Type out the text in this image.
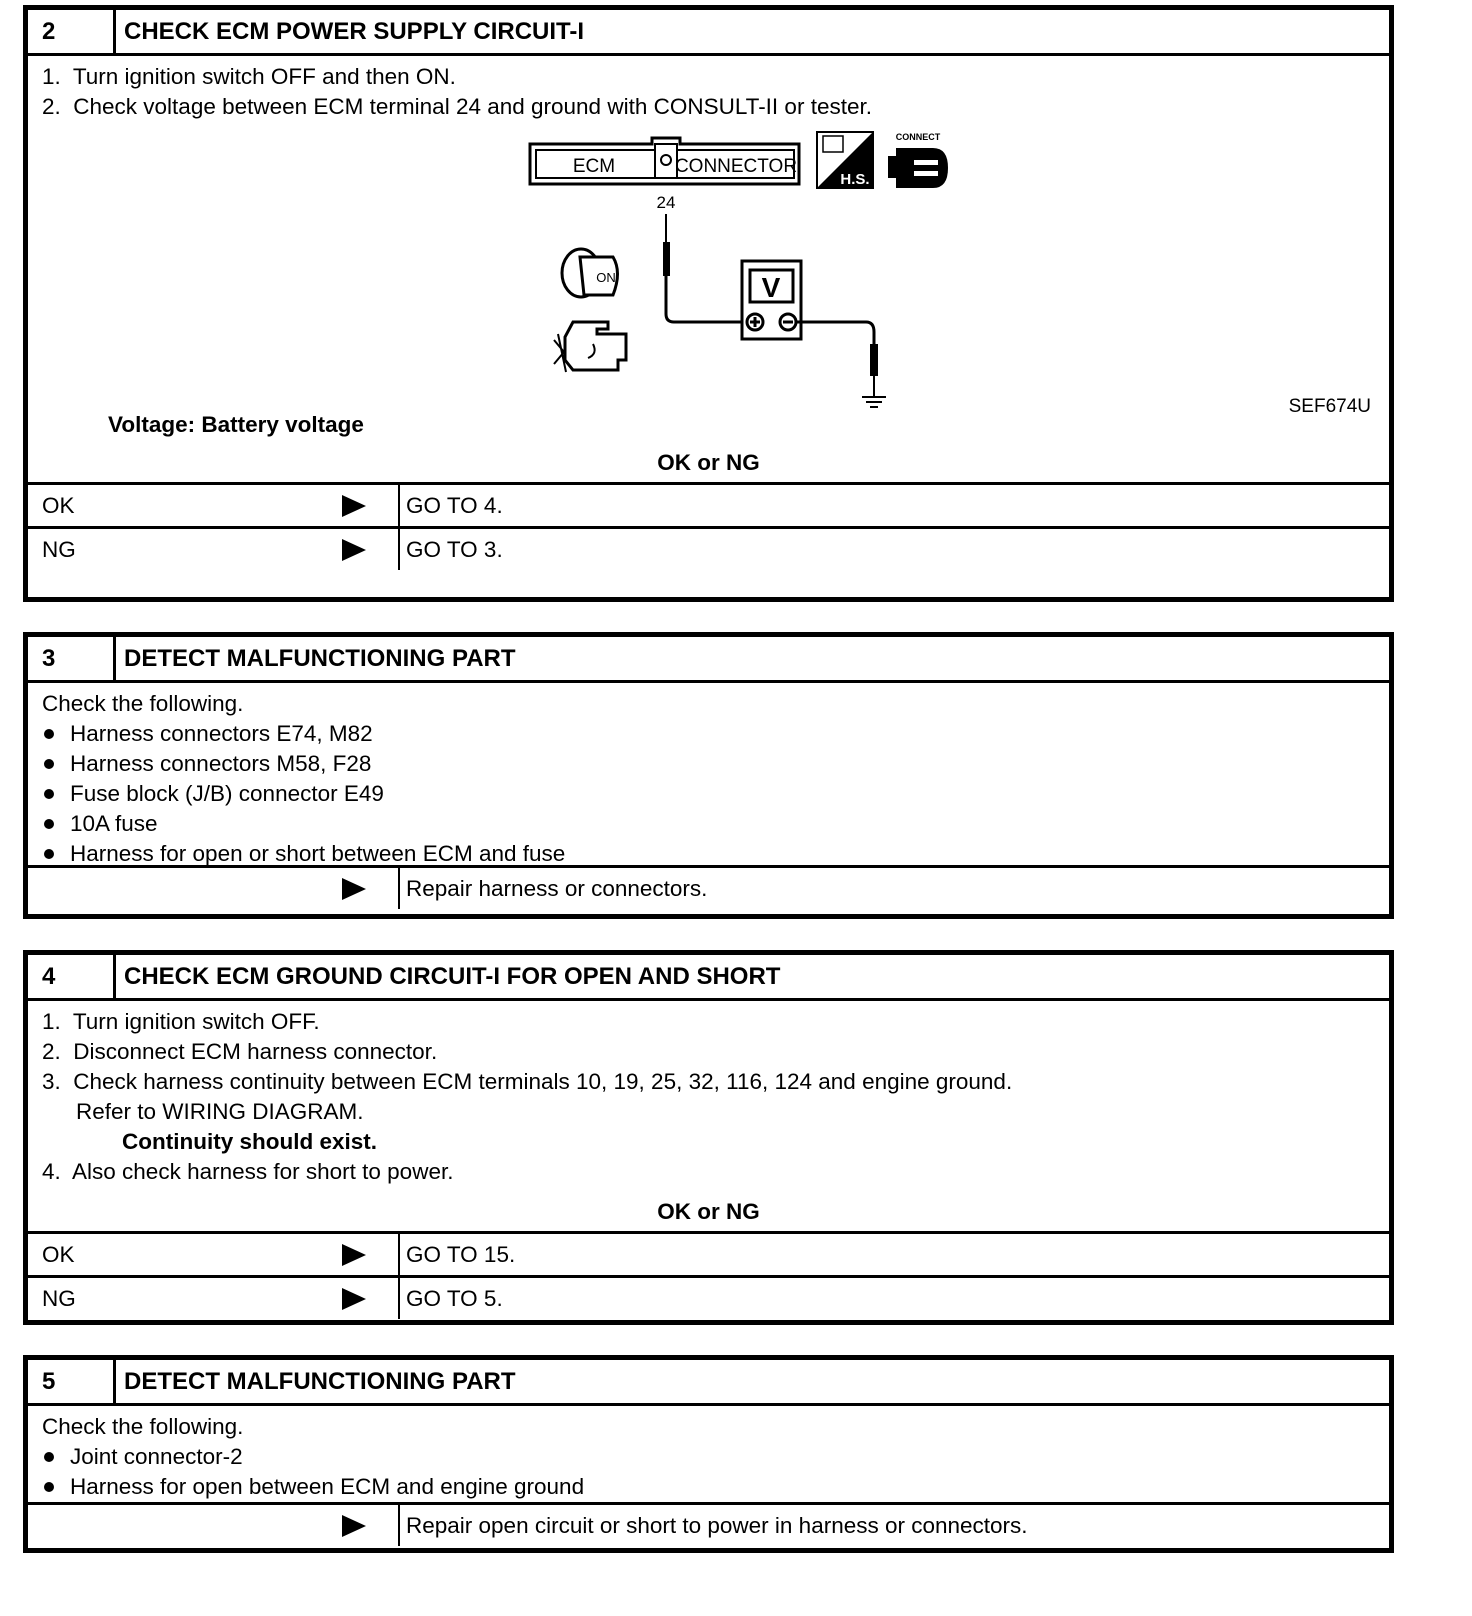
2	CHECK ECM POWER SUPPLY CIRCUIT-I
1.  Turn ignition switch OFF and then ON.
2.  Check voltage between ECM terminal 24 and ground with CONSULT-II or tester.
ECM	CONNECTOR
24
H.S.
CONNECT
ON	V
SEF674U
Voltage: Battery voltage
OK or NG
OK	GO TO 4.
NG	GO TO 3.
3	DETECT MALFUNCTIONING PART
Check the following.
Harness connectors E74, M82
Harness connectors M58, F28
Fuse block (J/B) connector E49
10A fuse
Harness for open or short between ECM and fuse
Repair harness or connectors.
4	CHECK ECM GROUND CIRCUIT-I FOR OPEN AND SHORT
1.  Turn ignition switch OFF.
2.  Disconnect ECM harness connector.
3.  Check harness continuity between ECM terminals 10, 19, 25, 32, 116, 124 and engine ground.
Refer to WIRING DIAGRAM.
Continuity should exist.
4.  Also check harness for short to power.
OK or NG
OK	GO TO 15.
NG	GO TO 5.
5	DETECT MALFUNCTIONING PART
Check the following.
Joint connector-2
Harness for open between ECM and engine ground
Repair open circuit or short to power in harness or connectors.
